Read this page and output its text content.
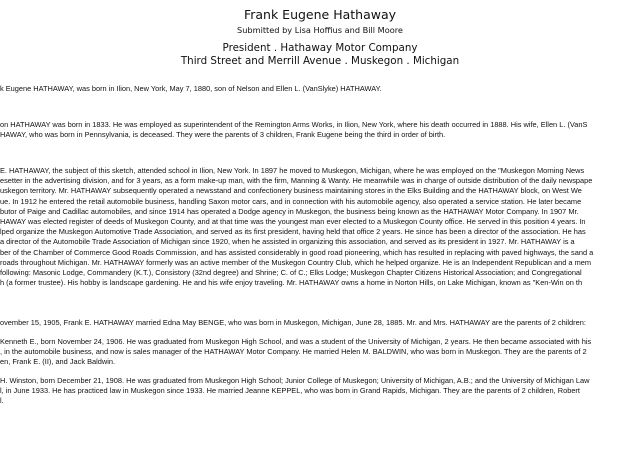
Frank Eugene Hathaway
Submitted by Lisa Hoffius and Bill Moore
President . Hathaway Motor Company
Third Street and Merrill Avenue . Muskegon . Michigan
k Eugene HATHAWAY, was born in Ilion, New York, May 7, 1880, son of Nelson and Ellen L. (VanSlyke) HATHAWAY.
on HATHAWAY was born in 1833. He was employed as superintendent of the Remington Arms Works, in Ilion, New York, where his death occurred in 1888. His wife, Ellen L. (VanS
HAWAY, who was born in Pennsylvania, is deceased. They were the parents of 3 children, Frank Eugene being the third in order of birth.
E. HATHAWAY, the subject of this sketch, attended school in Ilion, New York. In 1897 he moved to Muskegon, Michigan, where he was employed on the "Muskegon Morning News
esetter in the advertising division, and for 3 years, as a form make-up man, with the firm, Manning & Wanty. He meanwhile was in charge of outside distribution of the daily newspape
uskegon territory. Mr. HATHAWAY subsequently operated a newsstand and confectionery business maintaining stores in the Elks Building and the HATHAWAY block, on West We
ue. In 1912 he entered the retail automobile business, handling Saxon motor cars, and in connection with his automobile agency, also operated a service station. He later became
butor of Paige and Cadillac automobiles, and since 1914 has operated a Dodge agency in Muskegon, the business being known as the HATHAWAY Motor Company. In 1907 Mr.
HAWAY was elected register of deeds of Muskegon County, and at that time was the youngest man ever elected to a Muskegon County office. He served in this position 4 years. In
lped organize the Muskegon Automotive Trade Association, and served as its first president, having held that office 2 years. He since has been a director of the association. He has
a director of the Automobile Trade Association of Michigan since 1920, when he assisted in organizing this association, and served as its president in 1927. Mr. HATHAWAY is a
ber of the Chamber of Commerce Good Roads Commission, and has assisted considerably in good road pioneering, which has resulted in replacing with paved highways, the sand a
roads throughout Michigan. Mr. HATHAWAY formerly was an active member of the Muskegon Country Club, which he helped organize. He is an Independent Republican and a mem
following: Masonic Lodge, Commandery (K.T.), Consistory (32nd degree) and Shrine; C. of C.; Elks Lodge; Muskegon Chapter Citizens Historical Association; and Congregational
h (a former trustee). His hobby is landscape gardening. He and his wife enjoy traveling. Mr. HATHAWAY owns a home in Norton Hills, on Lake Michigan, known as "Ken-Win on th
ovember 15, 1905, Frank E. HATHAWAY married Edna May BENGE, who was born in Muskegon, Michigan, June 28, 1885. Mr. and Mrs. HATHAWAY are the parents of 2 children:
Kenneth E., born November 24, 1906. He was graduated from Muskegon High School, and was a student of the University of Michigan, 2 years. He then became associated with his
, in the automobile business, and now is sales manager of the HATHAWAY Motor Company. He married Helen M. BALDWIN, who was born in Muskegon. They are the parents of 2
en, Frank E. (II), and Jack Baldwin.
H. Winston, born December 21, 1908. He was graduated from Muskegon High School; Junior College of Muskegon; University of Michigan, A.B.; and the University of Michigan Law
l, in June 1933. He has practiced law in Muskegon since 1933. He married Jeanne KEPPEL, who was born in Grand Rapids, Michigan. They are the parents of 2 children, Robert
l.
